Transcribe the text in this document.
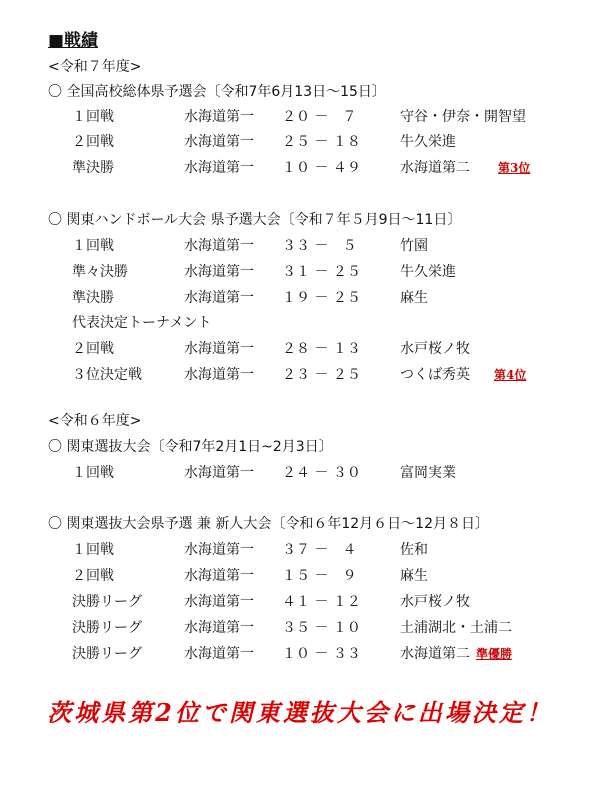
■戦績
<令和７年度>
〇 全国高校総体県予選会〔令和7年6月13日～15日〕
１回戦	水海道第一 ２０ －　７	守谷・伊奈・開智望
２回戦	水海道第一 ２５ － １８	牛久栄進
準決勝	水海道第一 １０ － ４９	水海道第二 第3位
〇 関東ハンドボール大会 県予選大会〔令和７年５月9日～11日〕
１回戦	水海道第一 ３３ －　５	竹園
準々決勝	水海道第一 ３１ － ２５	牛久栄進
準決勝	水海道第一 １９ － ２５	麻生
代表決定トーナメント
２回戦	水海道第一 ２８ － １３	水戸桜ノ牧
３位決定戦	水海道第一 ２３ － ２５	つくば秀英 第4位
<令和６年度>
〇 関東選抜大会〔令和7年2月1日~2月3日〕
１回戦	水海道第一 ２４ － ３０	富岡実業
〇 関東選抜大会県予選 兼 新人大会〔令和６年12月６日～12月８日〕
１回戦	水海道第一 ３７ －　４	佐和
２回戦	水海道第一 １５ －　９	麻生
決勝リーグ	水海道第一 ４１ － １２	水戸桜ノ牧
決勝リーグ	水海道第一 ３５ － １０	土浦湖北・土浦二
決勝リーグ	水海道第一 １０ － ３３	水海道第二 準優勝
茨城県第2位で関東選抜大会に出場決定！
